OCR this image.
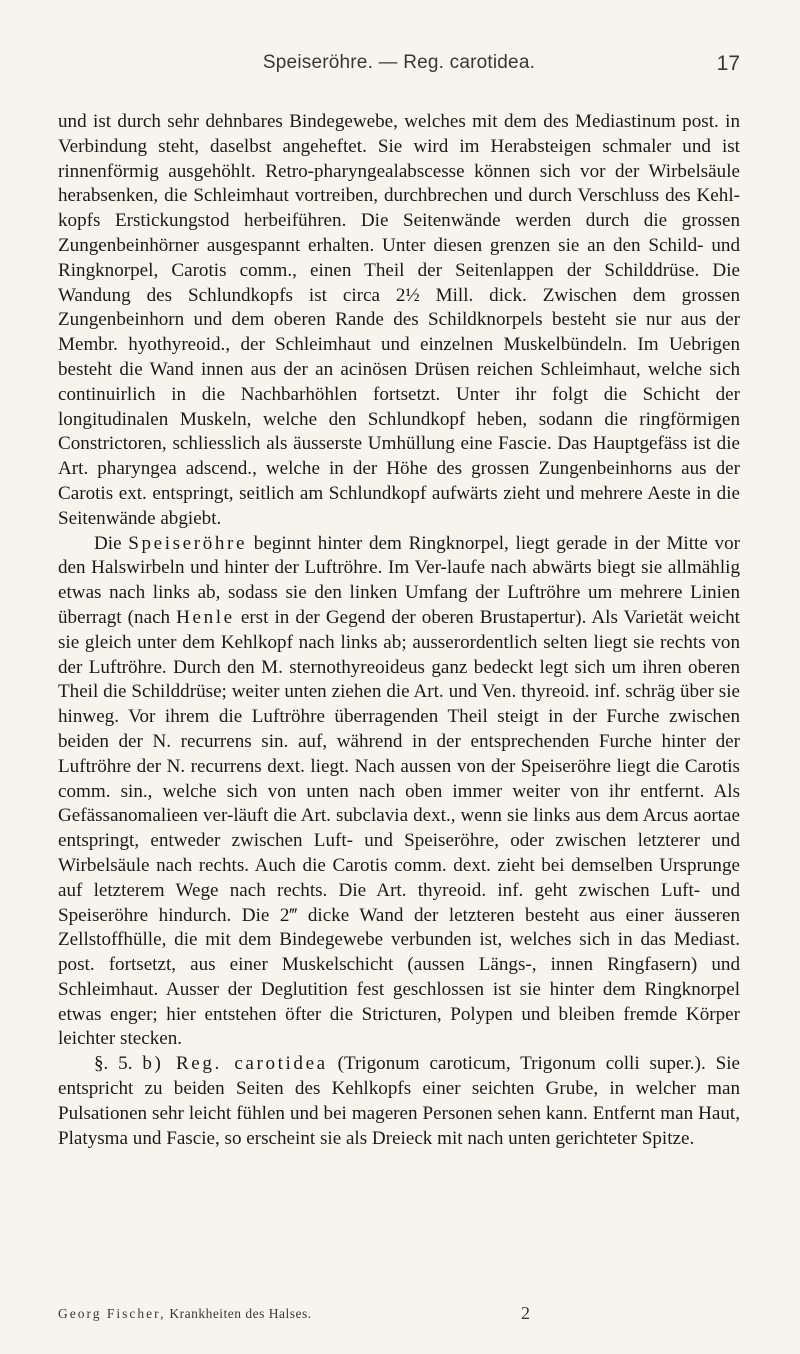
Speiseröhre. — Reg. carotidea.	17

und ist durch sehr dehnbares Bindegewebe, welches mit dem des Mediastinum post. in Verbindung steht, daselbst angeheftet. Sie wird im Herabsteigen schmaler und ist rinnenförmig ausgehöhlt. Retro-pharyngealabscesse können sich vor der Wirbelsäule herabsenken, die Schleimhaut vortreiben, durchbrechen und durch Verschluss des Kehl-kopfs Erstickungstod herbeiführen. Die Seitenwände werden durch die grossen Zungenbeinhörner ausgespannt erhalten. Unter diesen grenzen sie an den Schild- und Ringknorpel, Carotis comm., einen Theil der Seitenlappen der Schilddrüse. Die Wandung des Schlundkopfs ist circa 2½ Mill. dick. Zwischen dem grossen Zungenbeinhorn und dem oberen Rande des Schildknorpels besteht sie nur aus der Membr. hyothyreoid., der Schleimhaut und einzelnen Muskelbündeln. Im Uebrigen besteht die Wand innen aus der an acinösen Drüsen reichen Schleimhaut, welche sich continuirlich in die Nachbarhöhlen fortsetzt. Unter ihr folgt die Schicht der longitudinalen Muskeln, welche den Schlundkopf heben, sodann die ringförmigen Constrictoren, schliesslich als äusserste Umhüllung eine Fascie. Das Hauptgefäss ist die Art. pharyngea adscend., welche in der Höhe des grossen Zungenbeinhorns aus der Carotis ext. entspringt, seitlich am Schlundkopf aufwärts zieht und mehrere Aeste in die Seitenwände abgiebt.

Die Speiseröhre beginnt hinter dem Ringknorpel, liegt gerade in der Mitte vor den Halswirbeln und hinter der Luftröhre. Im Ver-laufe nach abwärts biegt sie allmählig etwas nach links ab, sodass sie den linken Umfang der Luftröhre um mehrere Linien überragt (nach Henle erst in der Gegend der oberen Brustapertur). Als Varietät weicht sie gleich unter dem Kehlkopf nach links ab; ausserordentlich selten liegt sie rechts von der Luftröhre. Durch den M. sternothyreoideus ganz bedeckt legt sich um ihren oberen Theil die Schilddrüse; weiter unten ziehen die Art. und Ven. thyreoid. inf. schräg über sie hinweg. Vor ihrem die Luftröhre überragenden Theil steigt in der Furche zwischen beiden der N. recurrens sin. auf, während in der entsprechenden Furche hinter der Luftröhre der N. recurrens dext. liegt. Nach aussen von der Speiseröhre liegt die Carotis comm. sin., welche sich von unten nach oben immer weiter von ihr entfernt. Als Gefässanomalieen ver-läuft die Art. subclavia dext., wenn sie links aus dem Arcus aortae entspringt, entweder zwischen Luft- und Speiseröhre, oder zwischen letzterer und Wirbelsäule nach rechts. Auch die Carotis comm. dext. zieht bei demselben Ursprunge auf letzterem Wege nach rechts. Die Art. thyreoid. inf. geht zwischen Luft- und Speiseröhre hindurch. Die 2‴ dicke Wand der letzteren besteht aus einer äusseren Zellstoffhülle, die mit dem Bindegewebe verbunden ist, welches sich in das Mediast. post. fortsetzt, aus einer Muskelschicht (aussen Längs-, innen Ringfasern) und Schleimhaut. Ausser der Deglutition fest geschlossen ist sie hinter dem Ringknorpel etwas enger; hier entstehen öfter die Stricturen, Polypen und bleiben fremde Körper leichter stecken.

§. 5. b) Reg. carotidea (Trigonum caroticum, Trigonum colli super.). Sie entspricht zu beiden Seiten des Kehlkopfs einer seichten Grube, in welcher man Pulsationen sehr leicht fühlen und bei mageren Personen sehen kann. Entfernt man Haut, Platysma und Fascie, so erscheint sie als Dreieck mit nach unten gerichteter Spitze.

Georg Fischer, Krankheiten des Halses.	2
